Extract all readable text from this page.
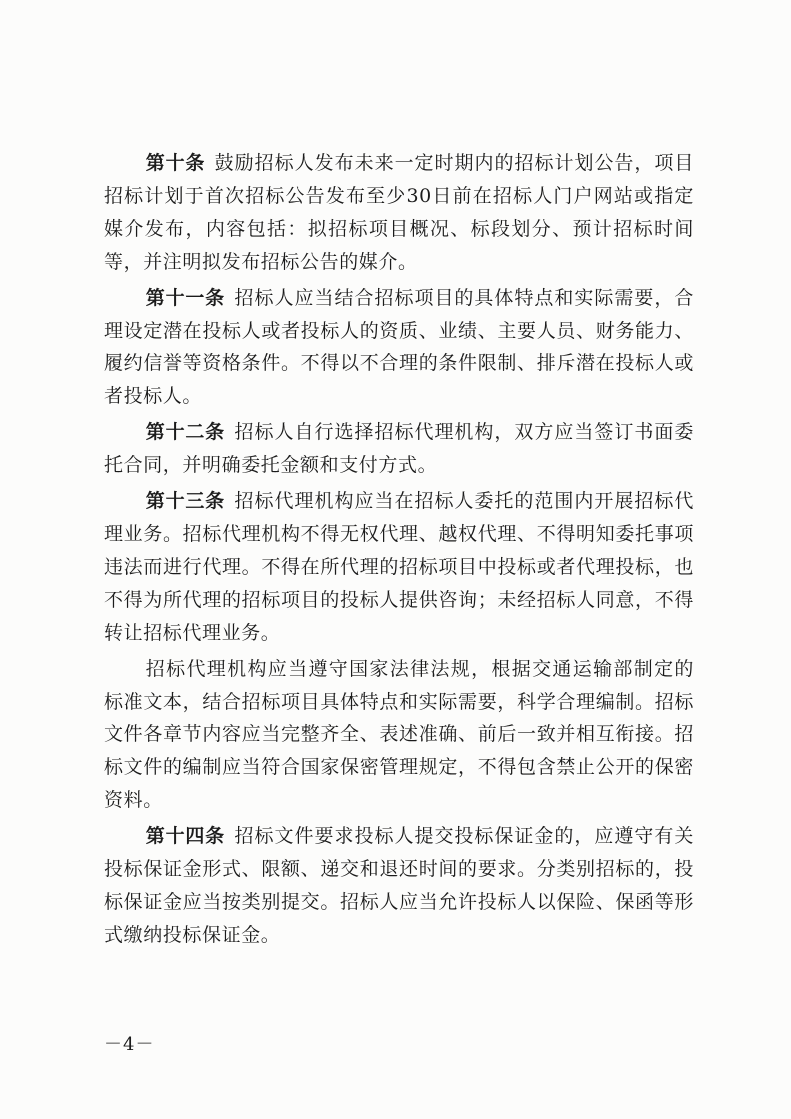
第十条 鼓励招标人发布未来一定时期内的招标计划公告，项目招标计划于首次招标公告发布至少30日前在招标人门户网站或指定媒介发布，内容包括：拟招标项目概况、标段划分、预计招标时间等，并注明拟发布招标公告的媒介。

第十一条 招标人应当结合招标项目的具体特点和实际需要，合理设定潜在投标人或者投标人的资质、业绩、主要人员、财务能力、履约信誉等资格条件。不得以不合理的条件限制、排斥潜在投标人或者投标人。

第十二条 招标人自行选择招标代理机构，双方应当签订书面委托合同，并明确委托金额和支付方式。

第十三条 招标代理机构应当在招标人委托的范围内开展招标代理业务。招标代理机构不得无权代理、越权代理、不得明知委托事项违法而进行代理。不得在所代理的招标项目中投标或者代理投标，也不得为所代理的招标项目的投标人提供咨询；未经招标人同意，不得转让招标代理业务。

招标代理机构应当遵守国家法律法规，根据交通运输部制定的标准文本，结合招标项目具体特点和实际需要，科学合理编制。招标文件各章节内容应当完整齐全、表述准确、前后一致并相互衔接。招标文件的编制应当符合国家保密管理规定，不得包含禁止公开的保密资料。

第十四条 招标文件要求投标人提交投标保证金的，应遵守有关投标保证金形式、限额、递交和退还时间的要求。分类别招标的，投标保证金应当按类别提交。招标人应当允许投标人以保险、保函等形式缴纳投标保证金。

－4－
